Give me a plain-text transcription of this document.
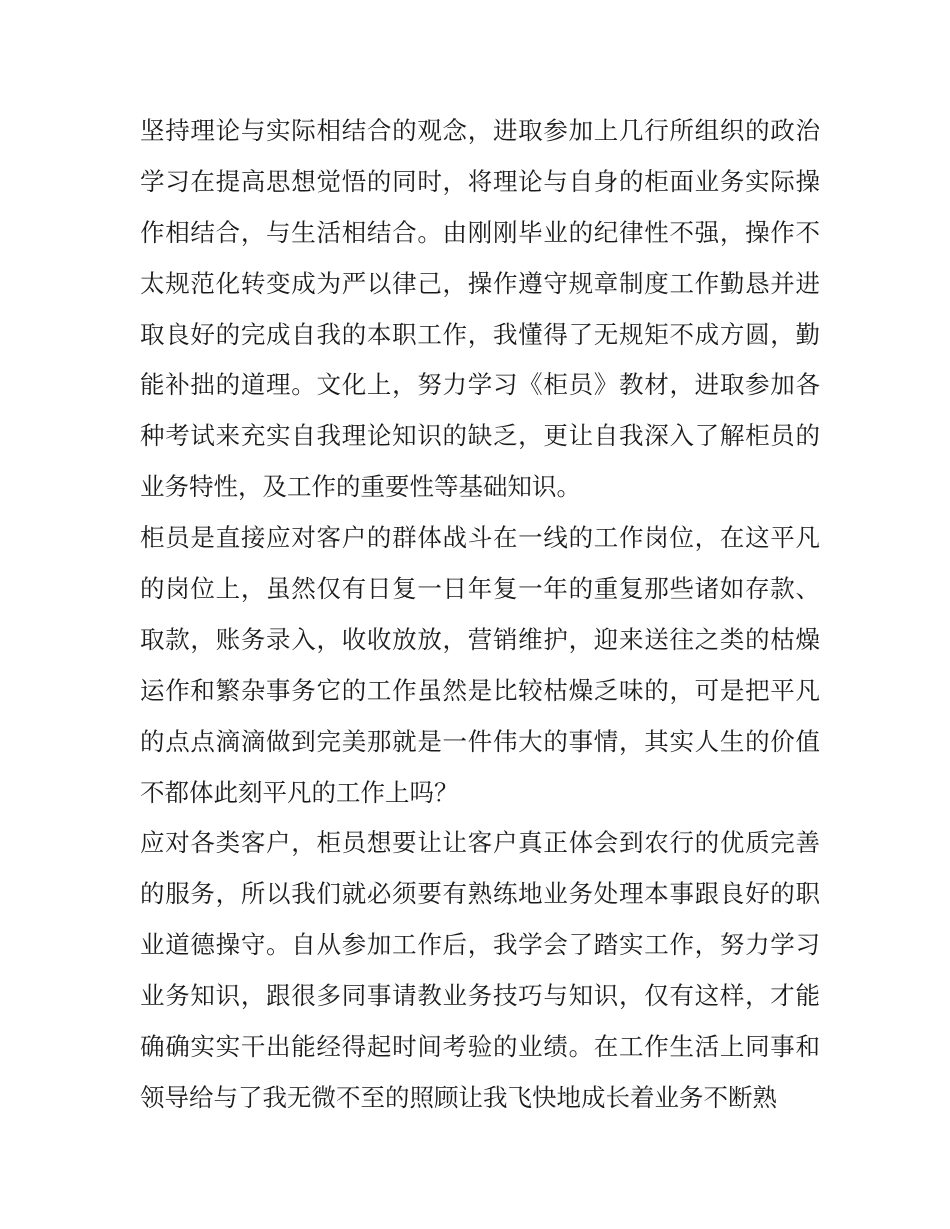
坚持理论与实际相结合的观念，进取参加上几行所组织的政治
学习在提高思想觉悟的同时，将理论与自身的柜面业务实际操
作相结合，与生活相结合。由刚刚毕业的纪律性不强，操作不
太规范化转变成为严以律己，操作遵守规章制度工作勤恳并进
取良好的完成自我的本职工作，我懂得了无规矩不成方圆，勤
能补拙的道理。文化上，努力学习《柜员》教材，进取参加各
种考试来充实自我理论知识的缺乏，更让自我深入了解柜员的
业务特性，及工作的重要性等基础知识。
柜员是直接应对客户的群体战斗在一线的工作岗位，在这平凡
的岗位上，虽然仅有日复一日年复一年的重复那些诸如存款、
取款，账务录入，收收放放，营销维护，迎来送往之类的枯燥
运作和繁杂事务它的工作虽然是比较枯燥乏味的，可是把平凡
的点点滴滴做到完美那就是一件伟大的事情，其实人生的价值
不都体此刻平凡的工作上吗？
应对各类客户，柜员想要让让客户真正体会到农行的优质完善
的服务，所以我们就必须要有熟练地业务处理本事跟良好的职
业道德操守。自从参加工作后，我学会了踏实工作，努力学习
业务知识，跟很多同事请教业务技巧与知识，仅有这样，才能
确确实实干出能经得起时间考验的业绩。在工作生活上同事和
领导给与了我无微不至的照顾让我飞快地成长着业务不断熟
